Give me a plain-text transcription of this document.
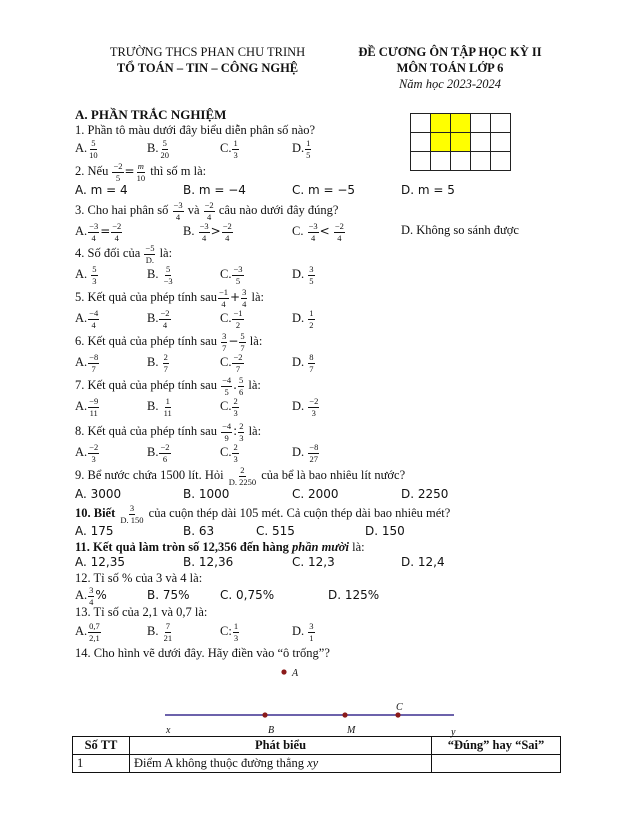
TRƯỜNG THCS PHAN CHU TRINH
TỔ TOÁN – TIN – CÔNG NGHỆ
ĐỀ CƯƠNG ÔN TẬP HỌC KỲ II
MÔN TOÁN LỚP 6
Năm học 2023-2024
A. PHẦN TRẮC NGHIỆM

1. Phần tô màu dưới đây biểu diễn phân số nào?
A. $\frac{5}{10}$	B. $\frac{5}{20}$	C. $\frac{1}{3}$	D. $\frac{1}{5}$
2. Nếu $\frac{-2}{5} = \frac{m}{10}$ thì số m là:
A. m = 4	B. m = −4	C. m = −5	D. m = 5
3. Cho hai phân số $\frac{-3}{4}$ và $\frac{-2}{4}$ câu nào dưới đây đúng?
A. $\frac{-3}{4} = \frac{-2}{4}$	B. $\frac{-3}{4} > \frac{-2}{4}$	C. $\frac{-3}{4} < \frac{-2}{4}$	D. Không so sánh được
4. Số đối của $\frac{-5}{D.}$ là:
A. $\frac{5}{3}$	B. $\frac{5}{-3}$	C. $\frac{-3}{5}$	D. $\frac{3}{5}$
5. Kết quả của phép tính sau $\frac{-1}{4} + \frac{3}{4}$ là:
A. $\frac{-4}{4}$	B. $\frac{-2}{4}$	C. $\frac{-1}{2}$	D. $\frac{1}{2}$
6. Kết quả của phép tính sau $\frac{3}{7} - \frac{5}{7}$ là:
A. $\frac{-8}{7}$	B. $\frac{2}{7}$	C. $\frac{-2}{7}$	D. $\frac{8}{7}$
7. Kết quả của phép tính sau $\frac{-4}{5}$ . $\frac{5}{6}$ là:
A. $\frac{-9}{11}$	B. $\frac{1}{11}$	C. $\frac{2}{3}$	D. $\frac{-2}{3}$
8. Kết quả của phép tính sau $\frac{-4}{9}$ : $\frac{2}{3}$ là:
A. $\frac{-2}{3}$	B. $\frac{-2}{6}$	C. $\frac{2}{3}$	D. $\frac{-8}{27}$
9. Bể nước chứa 1500 lít. Hỏi $\frac{2}{D. 2250}$ của bể là bao nhiêu lít nước?
A. 3000	B. 1000	C. 2000	D. 2250
10. Biết $\frac{3}{D. 150}$ của cuộn thép dài 105 mét. Cả cuộn thép dài bao nhiêu mét?
A. 175	B. 63	C. 515	D. 150
11. Kết quả làm tròn số 12,356 đến hàng phần mười là:
A. 12,35	B. 12,36	C. 12,3	D. 12,4
12. Tỉ số % của 3 và 4 là:
A. $\frac{3}{4}$ %	B. 75%	C. 0,75%	D. 125%
13. Tỉ số của 2,1 và 0,7 là:
A. $\frac{0,7}{2,1}$	B. $\frac{7}{21}$	C: $\frac{1}{3}$	D. $\frac{3}{1}$
14. Cho hình vẽ dưới đây. Hãy điền vào “ô trống”?
A
x	B	M
C
y
Số TT	Phát biểu	“Đúng” hay “Sai”
1	Điểm A không thuộc đường thẳng xy	
